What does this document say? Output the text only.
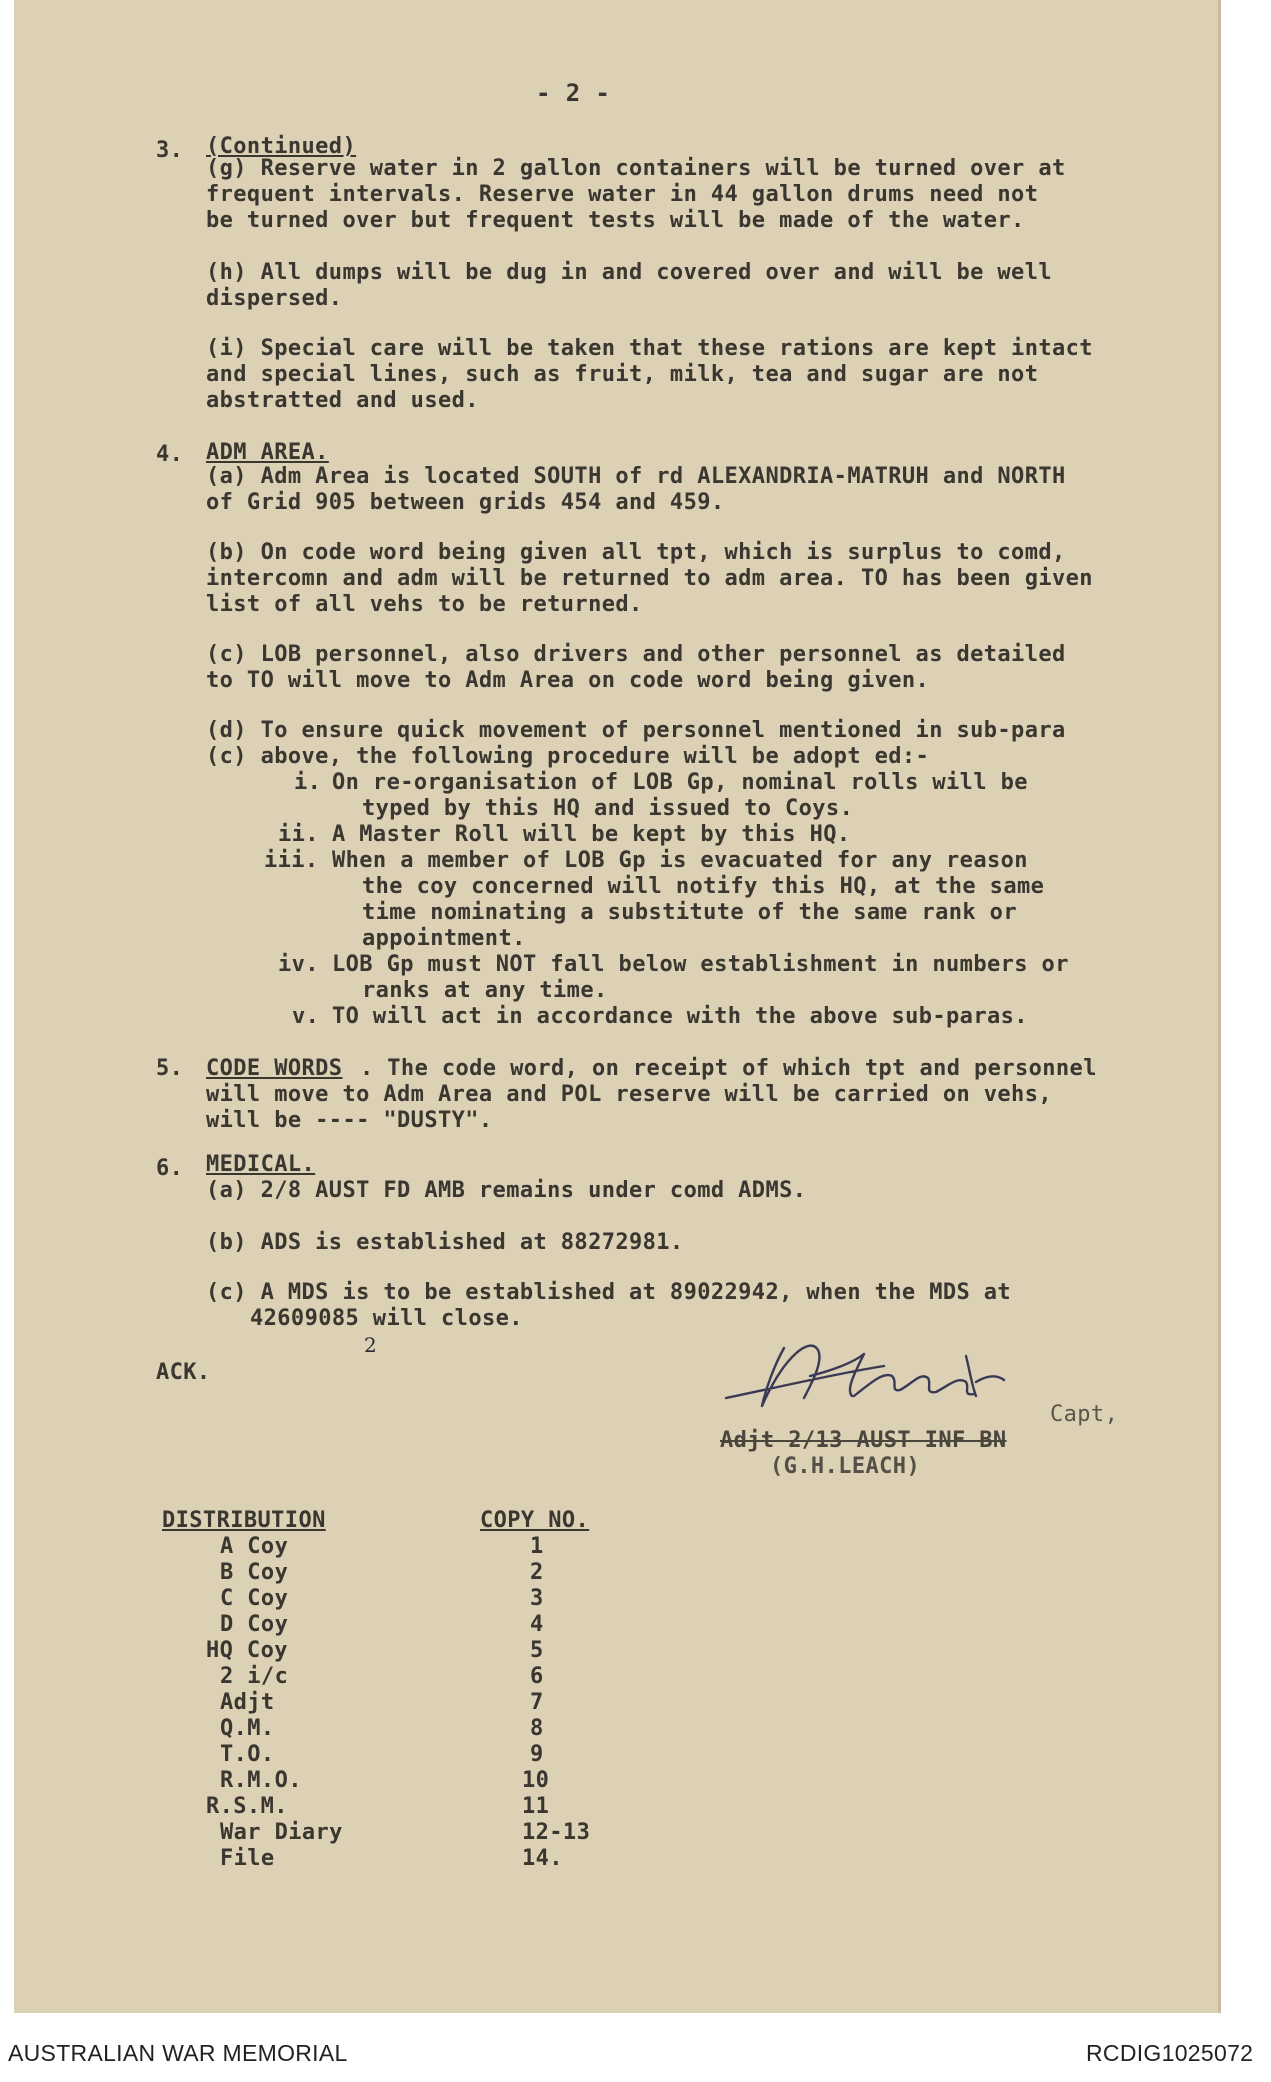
- 2 -
3. (Continued)
(g) Reserve water in 2 gallon containers will be turned over at
frequent intervals. Reserve water in 44 gallon drums need not
be turned over but frequent tests will be made of the water.
(h) All dumps will be dug in and covered over and will be well
dispersed.
(i) Special care will be taken that these rations are kept intact
and special lines, such as fruit, milk, tea and sugar are not
abstratted and used.
4. ADM AREA.
(a) Adm Area is located SOUTH of rd ALEXANDRIA-MATRUH and NORTH
of Grid 905 between grids 454 and 459.
(b) On code word being given all tpt, which is surplus to comd,
intercomn and adm will be returned to adm area. TO has been given
list of all vehs to be returned.
(c) LOB personnel, also drivers and other personnel as detailed
to TO will move to Adm Area on code word being given.
(d) To ensure quick movement of personnel mentioned in sub-para
(c) above, the following procedure will be adopt ed:-
i. On re-organisation of LOB Gp, nominal rolls will be
typed by this HQ and issued to Coys.
ii. A Master Roll will be kept by this HQ.
iii. When a member of LOB Gp is evacuated for any reason
the coy concerned will notify this HQ, at the same
time nominating a substitute of the same rank or
appointment.
iv. LOB Gp must NOT fall below establishment in numbers or
ranks at any time.
v. TO will act in accordance with the above sub-paras.
5. CODE WORDS . The code word, on receipt of which tpt and personnel
will move to Adm Area and POL reserve will be carried on vehs,
will be ---- "DUSTY".
6. MEDICAL.
(a) 2/8 AUST FD AMB remains under comd ADMS.
(b) ADS is established at 88272981.
(c) A MDS is to be established at 89022942, when the MDS at
42609085 will close.
2
ACK.
Capt,
Adjt 2/13 AUST INF BN
(G.H.LEACH)
DISTRIBUTION	COPY NO.
A Coy	1
B Coy	2
C Coy	3
D Coy	4
HQ Coy	5
2 i/c	6
Adjt	7
Q.M.	8
T.O.	9
R.M.O.	10
R.S.M.	11
War Diary	12-13
File	14.
AUSTRALIAN WAR MEMORIAL	RCDIG1025072
